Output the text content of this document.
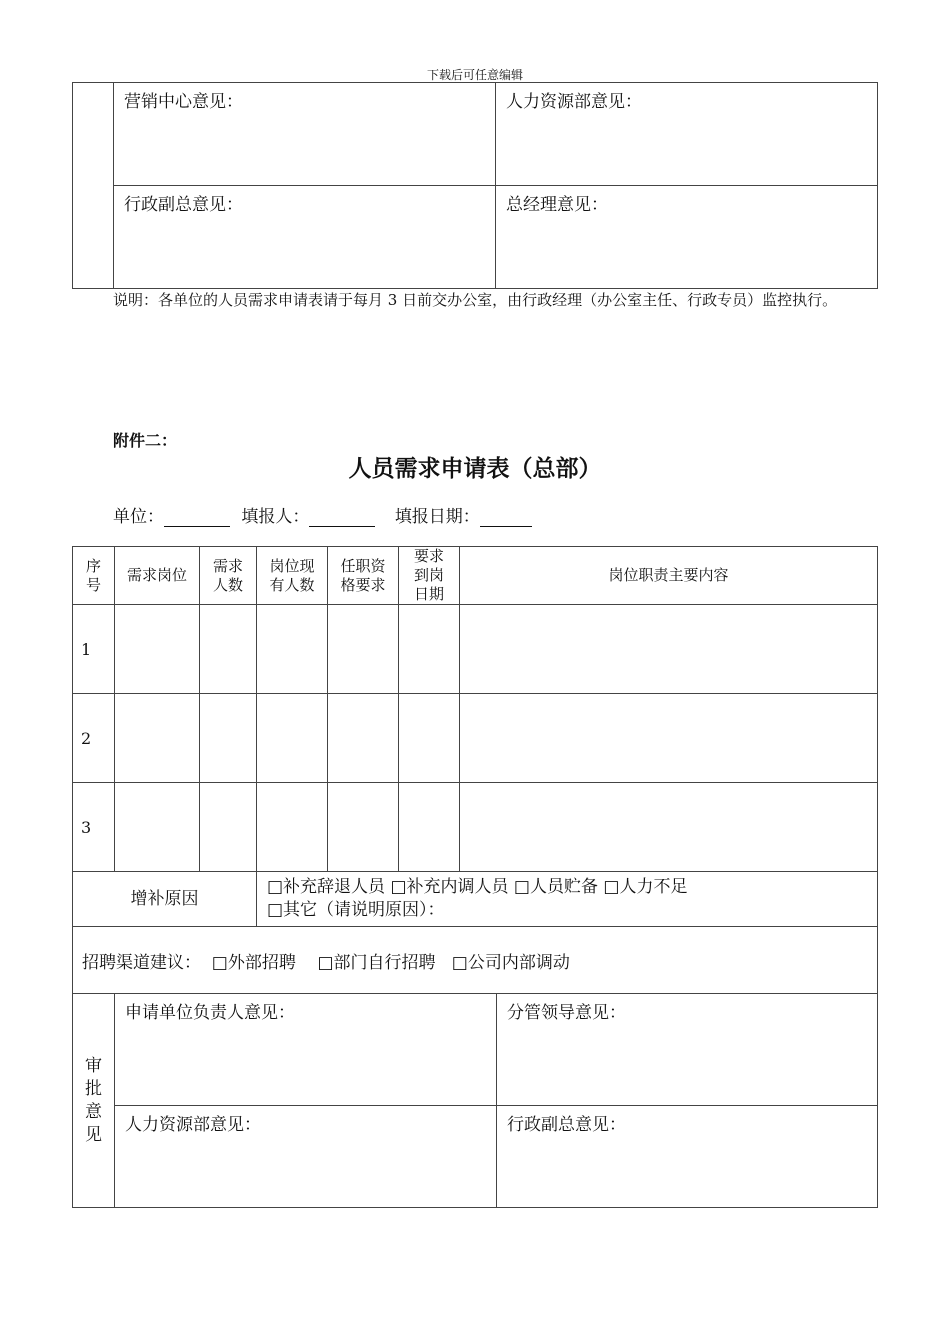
下载后可任意编辑

	营销中心意见：	人力资源部意见：

	行政副总意见：	总经理意见：
说明：各单位的人员需求申请表请于每月 3 日前交办公室，由行政经理（办公室主任、行政专员）监控执行。
附件二：
人员需求申请表（总部）
单位：	填报人：	填报日期：
序号	需求岗位	需求人数	岗位现有人数	任职资格要求	要求到岗日期	岗位职责主要内容
1						
2						
3						
增补原因			□补充辞退人员 □补充内调人员 □人员贮备 □人力不足
□其它（请说明原因）：			

招聘渠道建议：  □外部招聘    □部门自行招聘   □公司内部调动						
审批意见	申请单位负责人意见：	分管领导意见：

	人力资源部意见：	行政副总意见：
